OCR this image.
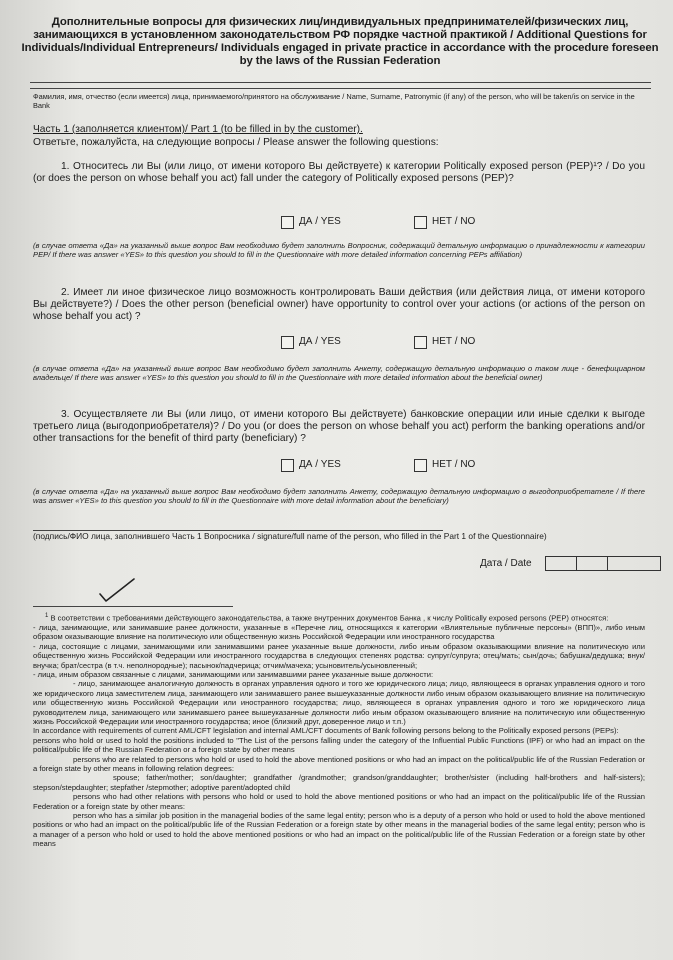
Дополнительные вопросы для физических лиц/индивидуальных предпринимателей/физических лиц, занимающихся в установленном законодательством РФ порядке частной практикой / Additional Questions for Individuals/Individual Entrepreneurs/ Individuals engaged in private practice in accordance with the procedure foreseen by the laws of the Russian Federation
Фамилия, имя, отчество (если имеется) лица, принимаемого/принятого на обслуживание / Name, Surname, Patronymic (if any) of the person, who will be taken/is on service in the Bank
Часть 1 (заполняется клиентом)/ Part 1 (to be filled in by the customer).
Ответьте, пожалуйста, на следующие вопросы / Please answer the following questions:
1. Относитесь ли Вы (или лицо, от имени которого Вы действуете) к категории Politically exposed person (PEP)¹? / Do you (or does the person on whose behalf you act) fall under the category of Politically exposed persons (PEP)?
ДА / YES	НЕТ / NO
(в случае ответа «Да» на указанный выше вопрос Вам необходимо будет заполнить Вопросник, содержащий детальную информацию о принадлежности к категории PEP/ If there was answer «YES» to this question you should to fill in the Questionnaire with more detailed information concerning PEPs affiliation)
2. Имеет ли иное физическое лицо возможность контролировать Ваши действия (или действия лица, от имени которого Вы действуете?) / Does the other person (beneficial owner) have opportunity to control over your actions (or actions of the person on whose behalf you act) ?
ДА / YES	НЕТ / NO
(в случае ответа «Да» на указанный выше вопрос Вам необходимо будет заполнить Анкету, содержащую детальную информацию о таком лице - бенефициарном владельце/ If there was answer «YES» to this question you should to fill in the Questionnaire with more detailed information about the beneficial owner)
3. Осуществляете ли Вы (или лицо, от имени которого Вы действуете) банковские операции или иные сделки к выгоде третьего лица (выгодоприобретателя)? / Do you (or does the person on whose behalf you act) perform the banking operations and/or other transactions for the benefit of third party (beneficiary) ?
ДА / YES	НЕТ / NO
(в случае ответа «Да» на указанный выше вопрос Вам необходимо будет заполнить Анкету, содержащую детальную информацию о выгодоприобретателе / If there was answer «YES» to this question you should to fill in the Questionnaire with more detail information about the beneficiary)
(подпись/ФИО лица, заполнившего Часть 1 Вопросника / signature/full name of the person, who filled in the Part 1 of the Questionnaire)
Дата / Date
$^1$ В соответствии с требованиями действующего законодательства, а также внутренних документов Банка , к числу Politically exposed persons (PEP) относятся:
- лица, занимающие, или занимавшие ранее должности, указанные в «Перечне лиц, относящихся к категории «Влиятельные публичные персоны» (ВПП)», либо иным образом оказывающие влияние на политическую или общественную жизнь Российской Федерации или иностранного государства
- лица, состоящие с лицами, занимающими или занимавшими ранее указанные выше должности, либо иным образом оказывающими влияние на политическую или общественную жизнь Российской Федерации или иностранного государства в следующих степенях родства: супруг/супруга; отец/мать; сын/дочь; бабушка/дедушка; внук/внучка; брат/сестра (в т.ч. неполнородные); пасынок/падчерица; отчим/мачеха; усыновитель/усыновленный;
- лица, иным образом связанные с лицами, занимающими или занимавшими ранее указанные выше должности:
- лицо, занимающее аналогичную должность в органах управления одного и того же юридического лица; лицо, являющееся в органах управления одного и того же юридического лица заместителем лица, занимающего или занимавшего ранее вышеуказанные должности либо иным образом оказывающего влияние на политическую или общественную жизнь Российской Федерации или иностранного государства; лицо, являющееся в органах управления одного и того же юридического лица руководителем лица, занимающего или занимавшего ранее вышеуказанные должности либо иным образом оказывающего влияние на политическую или общественную жизнь Российской Федерации или иностранного государства; иное (близкий друг, доверенное лицо и т.п.)
In accordance with requirements of current AML/CFT legislation and internal AML/CFT documents of Bank following persons belong to the Politically exposed persons (PEPs):
persons who hold or used to hold the positions included to "The List of the persons falling under the category of the Influential Public Functions (IPF) or who had an impact on the political/public life of the Russian Federation or a foreign state by other means
persons who are related to persons who hold or used to hold the above mentioned positions or who had an impact on the political/public life of the Russian Federation or a foreign state by other means in following relation degrees:
spouse; father/mother; son/daughter; grandfather /grandmother; grandson/granddaughter; brother/sister (including half-brothers and half-sisters); stepson/stepdaughter; stepfather /stepmother; adoptive parent/adopted child
persons who had other relations with persons who hold or used to hold the above mentioned positions or who had an impact on the political/public life of the Russian Federation or a foreign state by other means:
person who has a similar job position in the managerial bodies of the same legal entity; person who is a deputy of a person who hold or used to hold the above mentioned positions or who had an impact on the political/public life of the Russian Federation or a foreign state by other means in the managerial bodies of the same legal entity; person who is a manager of a person who hold or used to hold the above mentioned positions or who had an impact on the political/public life of the Russian Federation or a foreign state by other means
